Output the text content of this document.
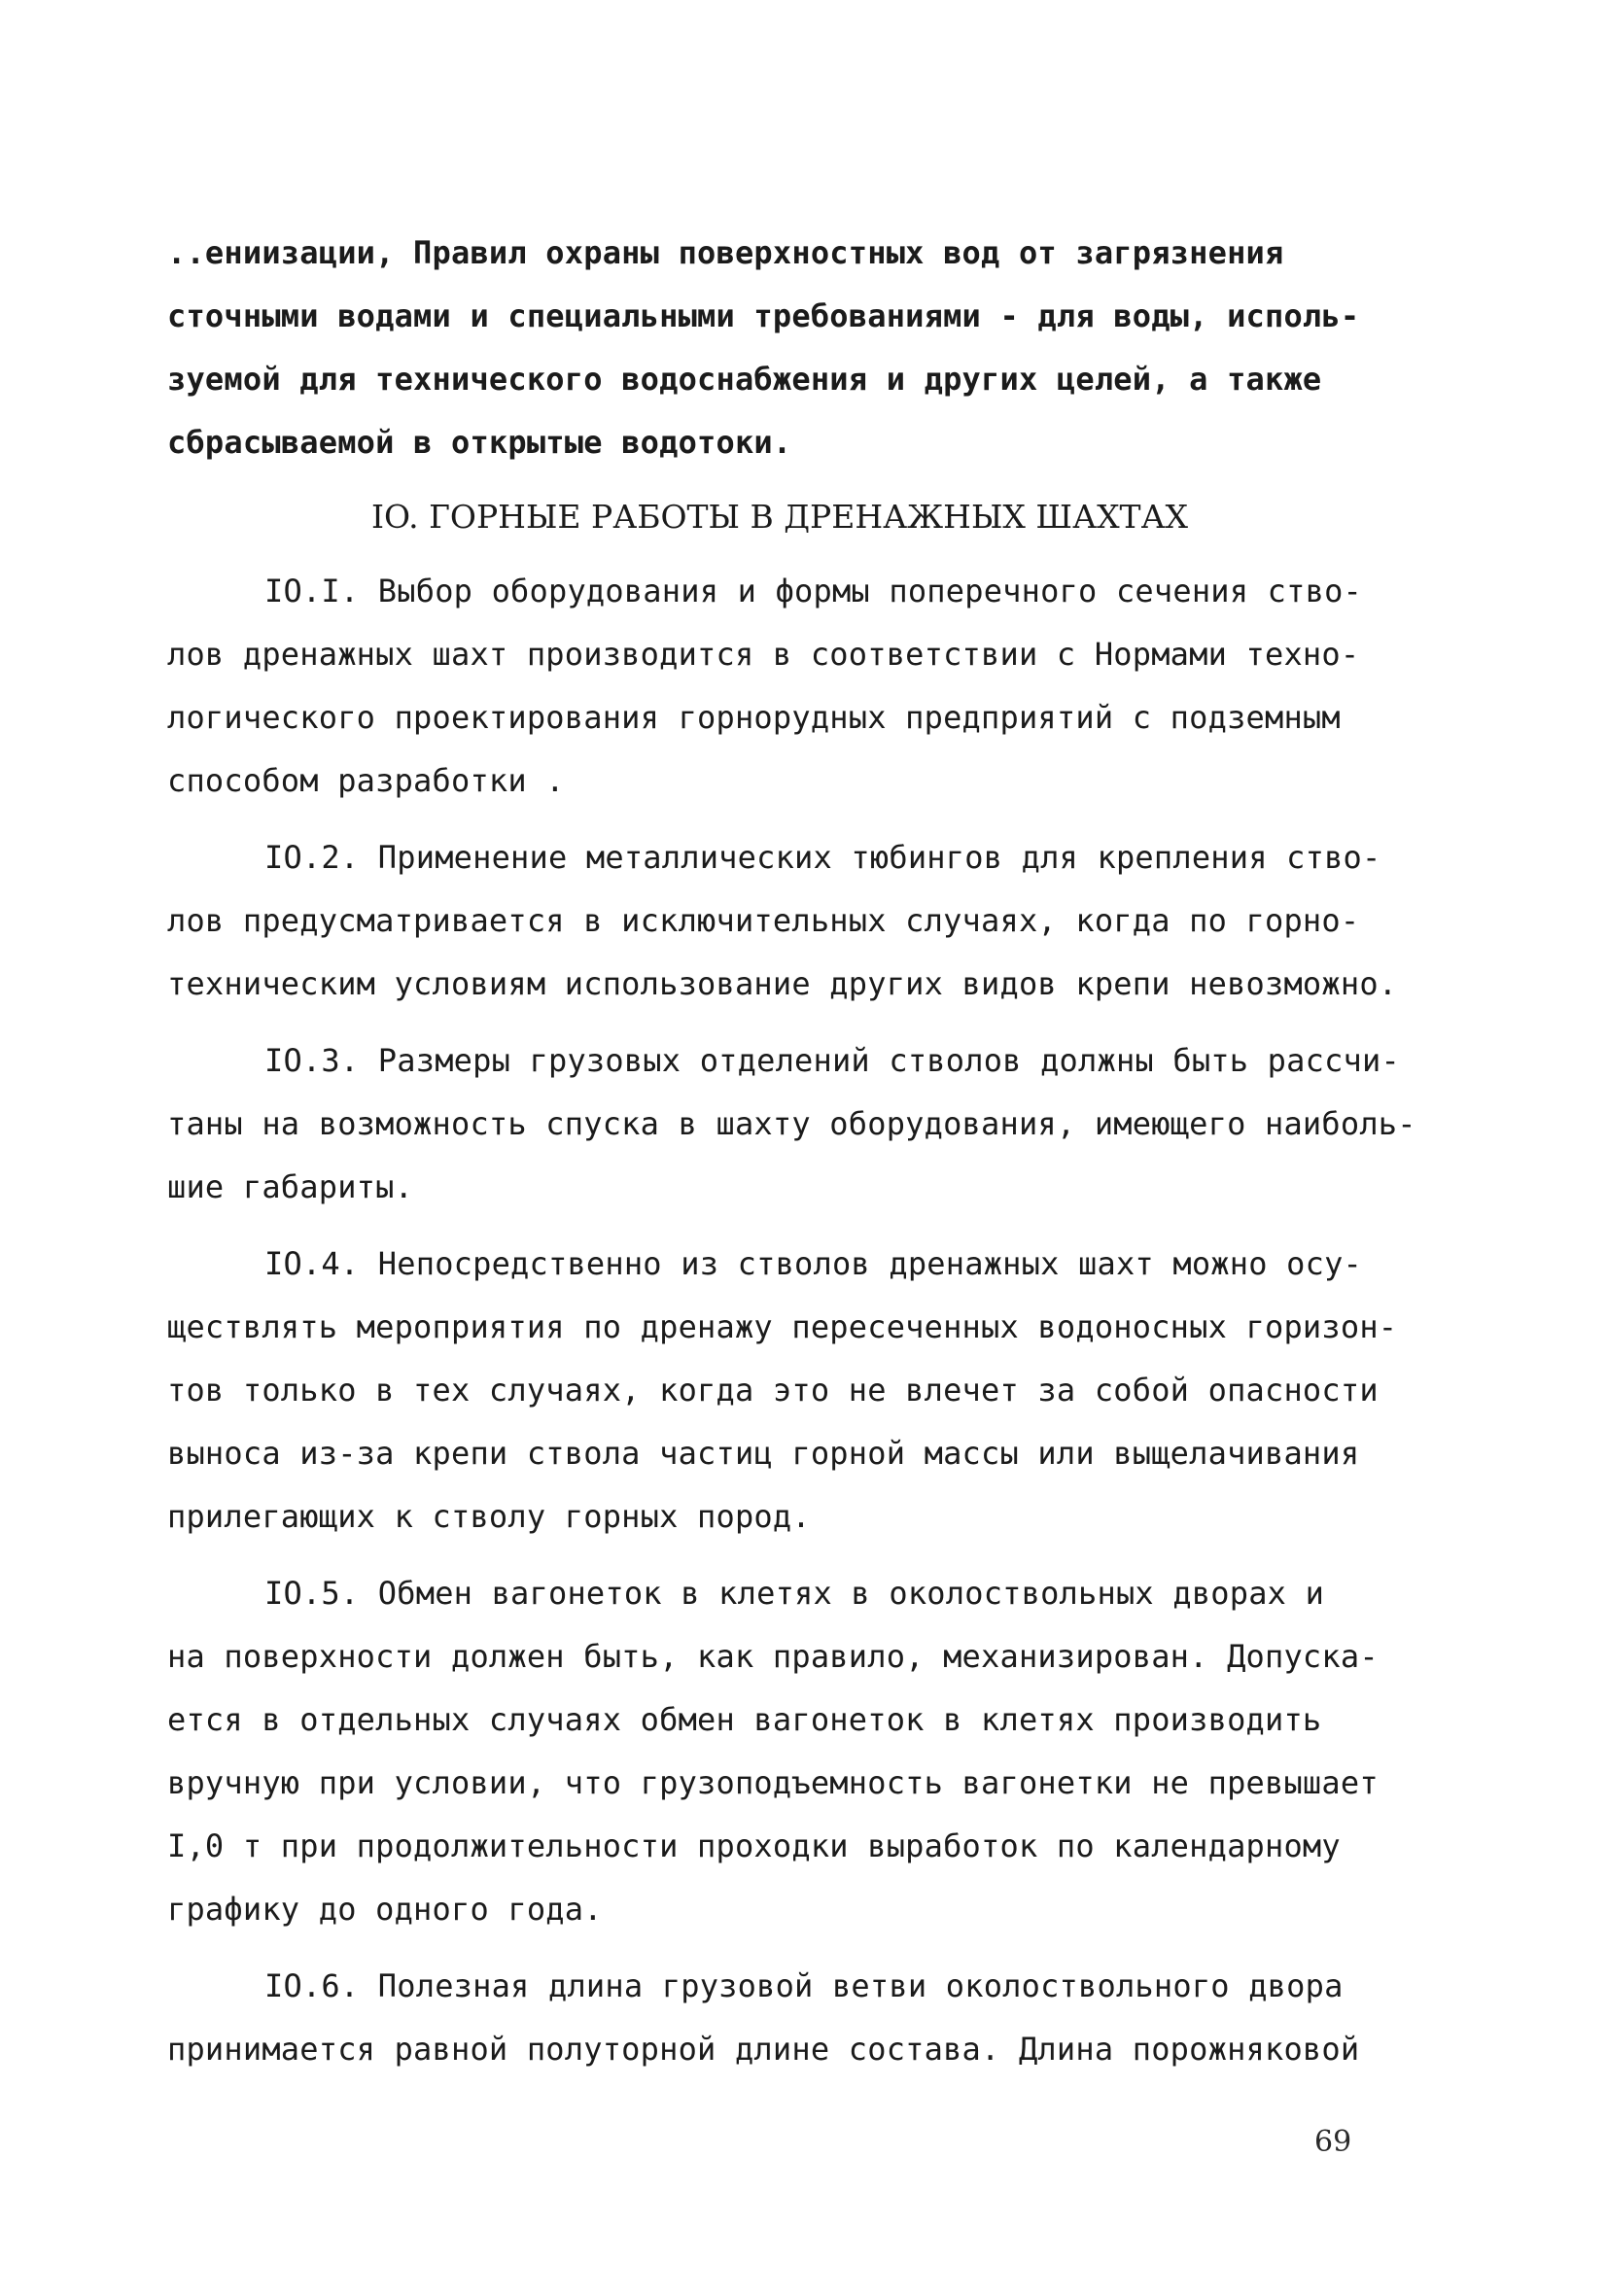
..ениизации, Правил охраны поверхностных вод от загрязнения
сточными водами и специальными требованиями - для воды, исполь-
зуемой для технического водоснабжения и других целей, а также
сбрасываемой в открытые водотоки.
IO. ГОРНЫЕ РАБОТЫ В ДРЕНАЖНЫХ ШАХТАХ
IO.I. Выбор оборудования и формы поперечного сечения ство-
лов дренажных шахт производится в соответствии с Нормами техно-
логического проектирования горнорудных предприятий с подземным
способом разработки .
IO.2. Применение металлических тюбингов для крепления ство-
лов предусматривается в исключительных случаях, когда по горно-
техническим условиям использование других видов крепи невозможно.
IO.3. Размеры грузовых отделений стволов должны быть рассчи-
таны на возможность спуска в шахту оборудования, имеющего наиболь-
шие габариты.
IO.4. Непосредственно из стволов дренажных шахт можно осу-
ществлять мероприятия по дренажу пересеченных водоносных горизон-
тов только в тех случаях, когда это не влечет за собой опасности
выноса из-за крепи ствола частиц горной массы или выщелачивания
прилегающих к стволу горных пород.
IO.5. Обмен вагонеток в клетях в околоствольных дворах и
на поверхности должен быть, как правило, механизирован. Допуска-
ется в отдельных случаях обмен вагонеток в клетях производить
вручную при условии, что грузоподъемность вагонетки не превышает
I,0 т при продолжительности проходки выработок по календарному
графику до одного года.
IO.6. Полезная длина грузовой ветви околоствольного двора
принимается равной полуторной длине состава. Длина порожняковой
69
